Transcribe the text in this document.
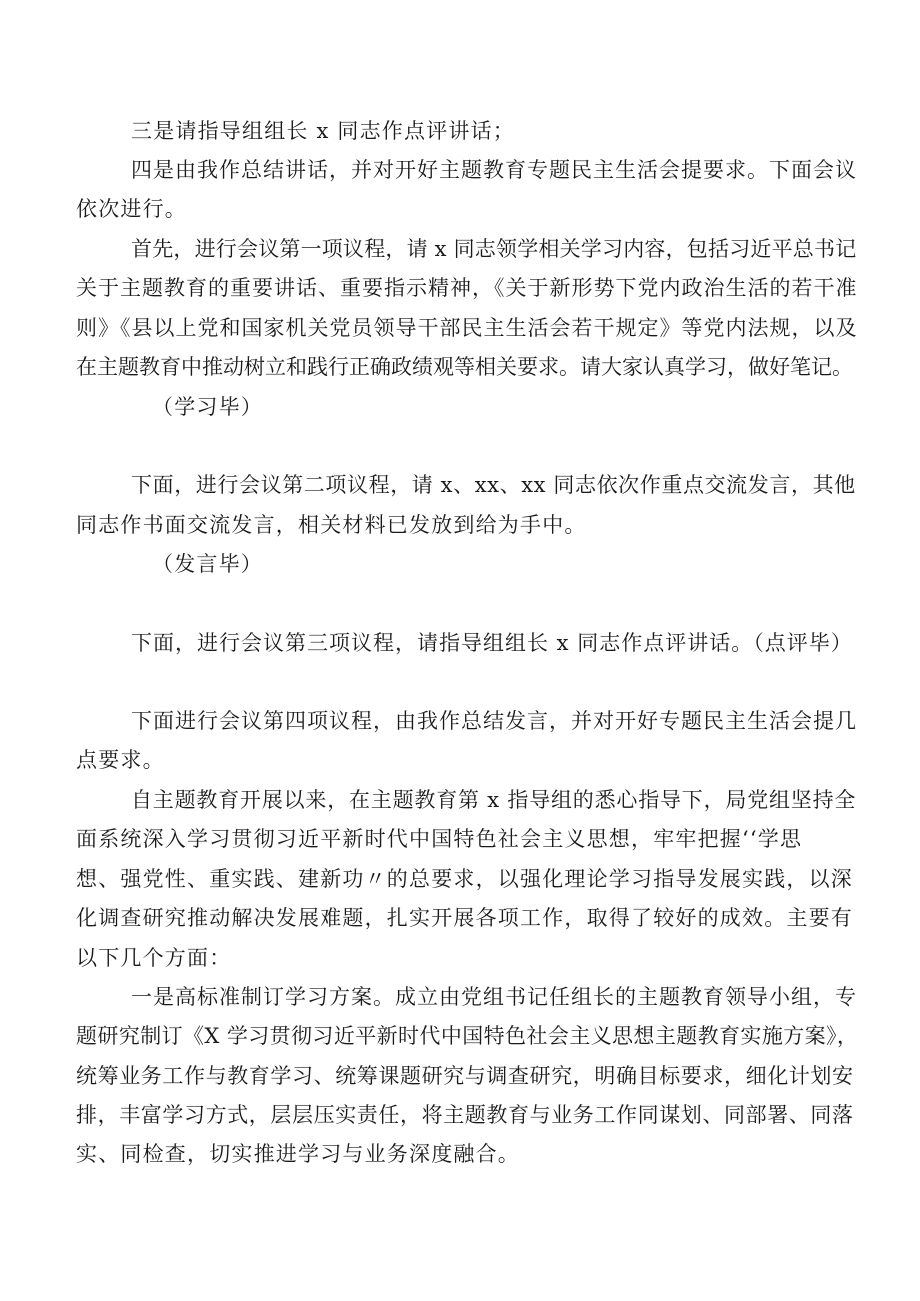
三是请指导组组长 x 同志作点评讲话；
四是由我作总结讲话，并对开好主题教育专题民主生活会提要求。下面会议
依次进行。
首先，进行会议第一项议程，请 x 同志领学相关学习内容，包括习近平总书记
关于主题教育的重要讲话、重要指示精神，《关于新形势下党内政治生活的若干准
则》《县以上党和国家机关党员领导干部民主生活会若干规定》等党内法规，以及
在主题教育中推动树立和践行正确政绩观等相关要求。请大家认真学习，做好笔记。
（学习毕）
下面，进行会议第二项议程，请 x、xx、xx 同志依次作重点交流发言，其他
同志作书面交流发言，相关材料已发放到给为手中。
（发言毕）
下面，进行会议第三项议程，请指导组组长 x 同志作点评讲话。（点评毕）
下面进行会议第四项议程，由我作总结发言，并对开好专题民主生活会提几
点要求。
自主题教育开展以来，在主题教育第 x 指导组的悉心指导下，局党组坚持全
面系统深入学习贯彻习近平新时代中国特色社会主义思想，牢牢把握‘‘学思
想、强党性、重实践、建新功〃的总要求，以强化理论学习指导发展实践，以深
化调查研究推动解决发展难题，扎实开展各项工作，取得了较好的成效。主要有
以下几个方面：
一是高标准制订学习方案。成立由党组书记任组长的主题教育领导小组，专
题研究制订《X 学习贯彻习近平新时代中国特色社会主义思想主题教育实施方案》，
统筹业务工作与教育学习、统筹课题研究与调查研究，明确目标要求，细化计划安
排，丰富学习方式，层层压实责任，将主题教育与业务工作同谋划、同部署、同落
实、同检查，切实推进学习与业务深度融合。
